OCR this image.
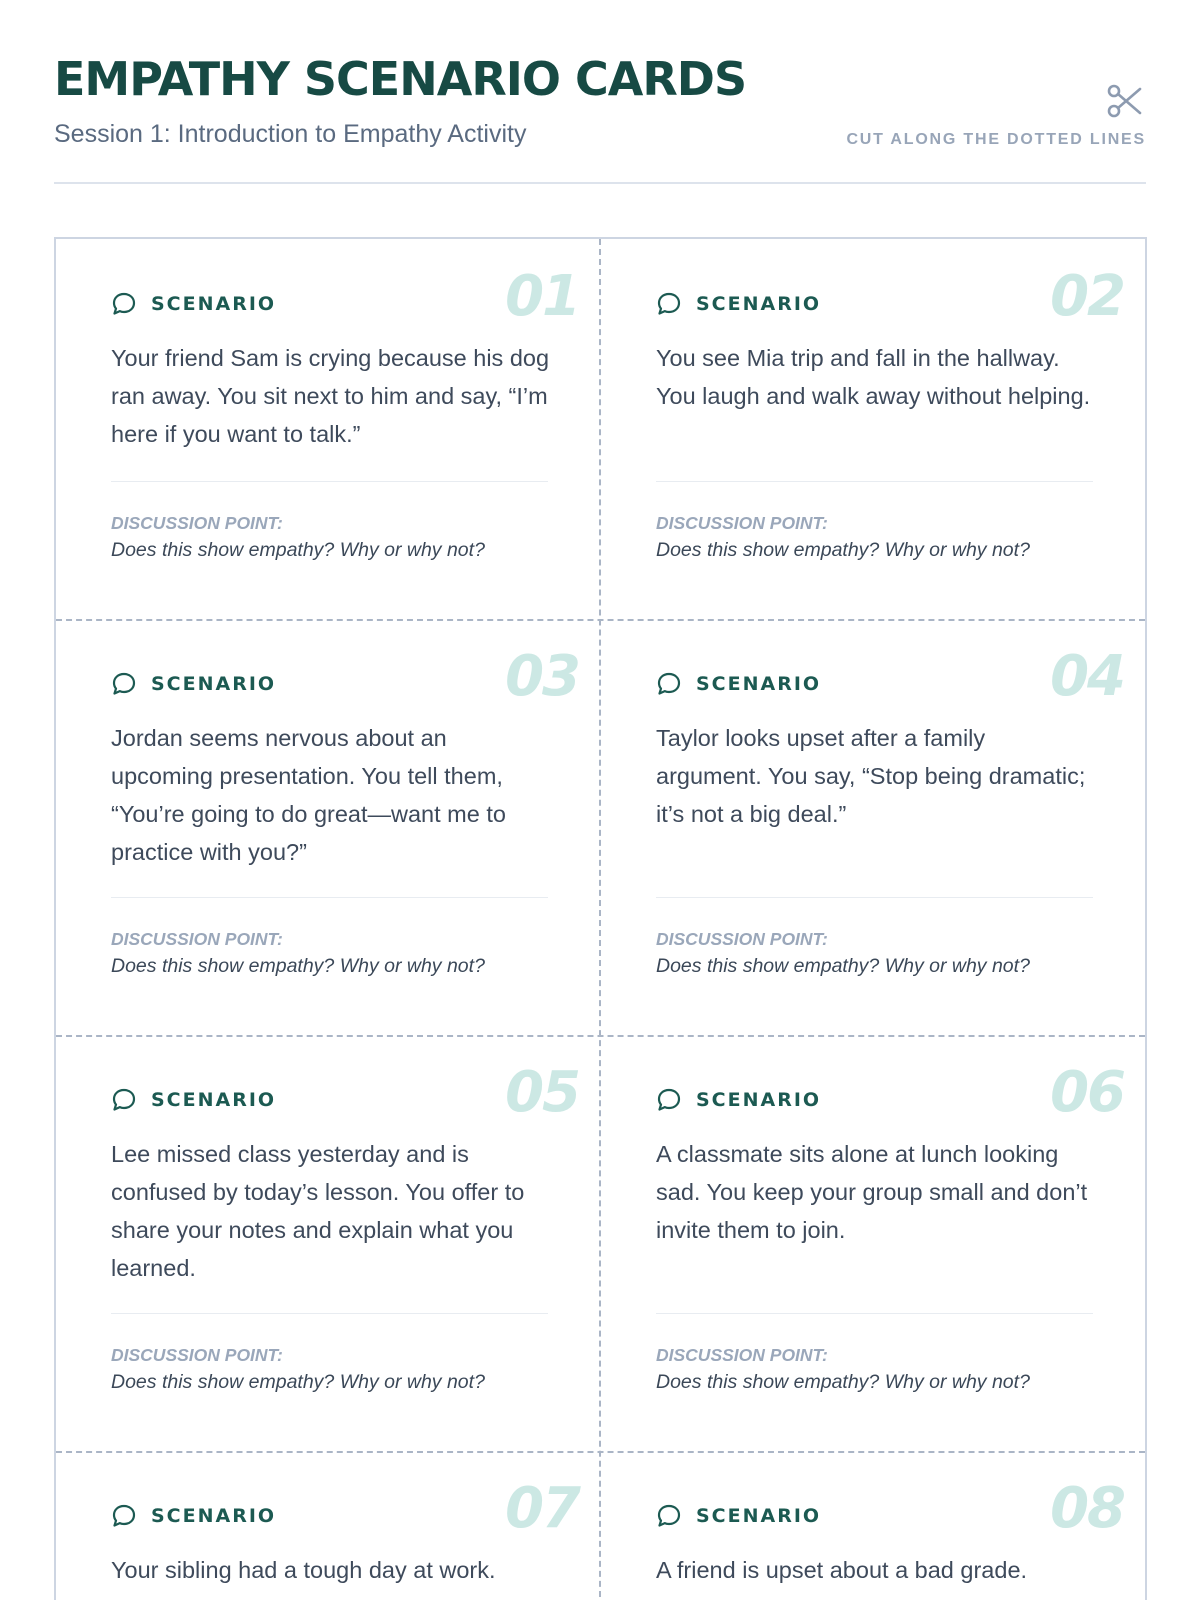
EMPATHY SCENARIO CARDS
Session 1: Introduction to Empathy Activity	CUT ALONG THE DOTTED LINES
01
SCENARIO

Your friend Sam is crying because his dog ran away. You sit next to him and say, “I’m here if you want to talk.”

DISCUSSION POINT:
Does this show empathy? Why or why not?
02
SCENARIO

You see Mia trip and fall in the hallway. You laugh and walk away without helping.

DISCUSSION POINT:
Does this show empathy? Why or why not?
03
SCENARIO

Jordan seems nervous about an upcoming presentation. You tell them, “You’re going to do great—want me to practice with you?”

DISCUSSION POINT:
Does this show empathy? Why or why not?
04
SCENARIO

Taylor looks upset after a family argument. You say, “Stop being dramatic; it’s not a big deal.”

DISCUSSION POINT:
Does this show empathy? Why or why not?
05
SCENARIO

Lee missed class yesterday and is confused by today’s lesson. You offer to share your notes and explain what you learned.

DISCUSSION POINT:
Does this show empathy? Why or why not?
06
SCENARIO

A classmate sits alone at lunch looking sad. You keep your group small and don’t invite them to join.

DISCUSSION POINT:
Does this show empathy? Why or why not?
07
SCENARIO

Your sibling had a tough day at work.

08
SCENARIO

A friend is upset about a bad grade.
